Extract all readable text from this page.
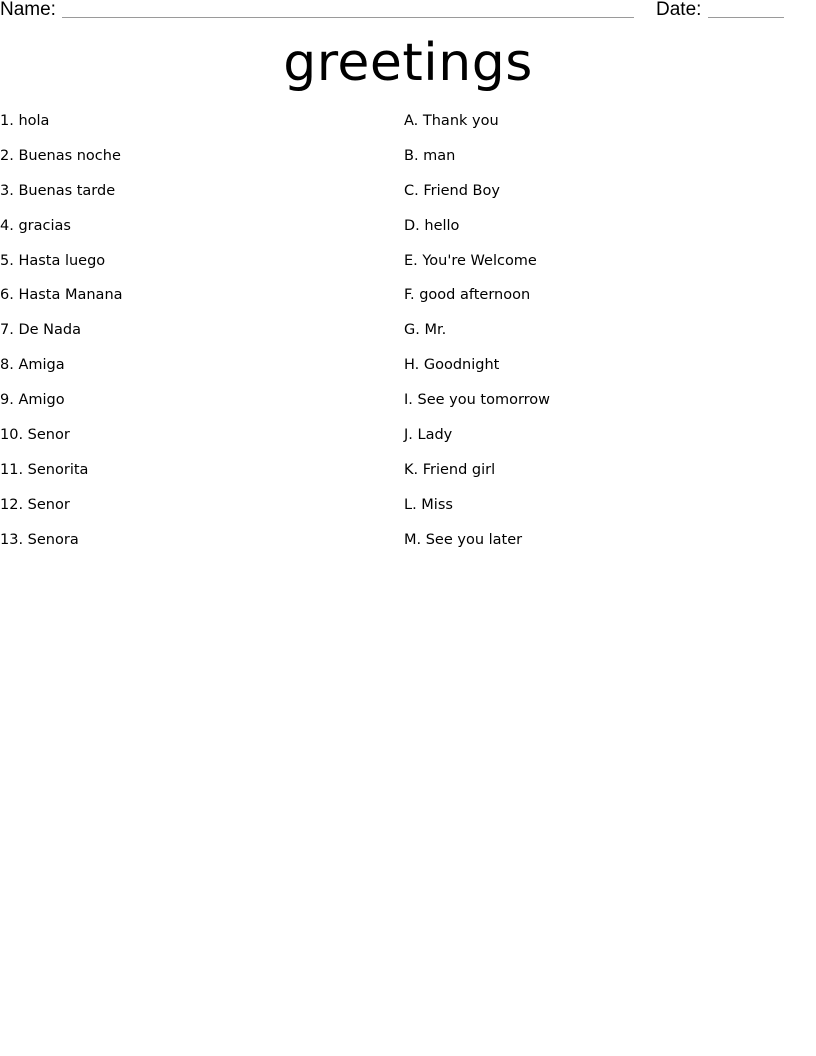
Name:	Date:
greetings
1. hola
2. Buenas noche
3. Buenas tarde
4. gracias
5. Hasta luego
6. Hasta Manana
7. De Nada
8. Amiga
9. Amigo
10. Senor
11. Senorita
12. Senor
13. Senora
A. Thank you
B. man
C. Friend Boy
D. hello
E. You're Welcome
F. good afternoon
G. Mr.
H. Goodnight
I. See you tomorrow
J. Lady
K. Friend girl
L. Miss
M. See you later
